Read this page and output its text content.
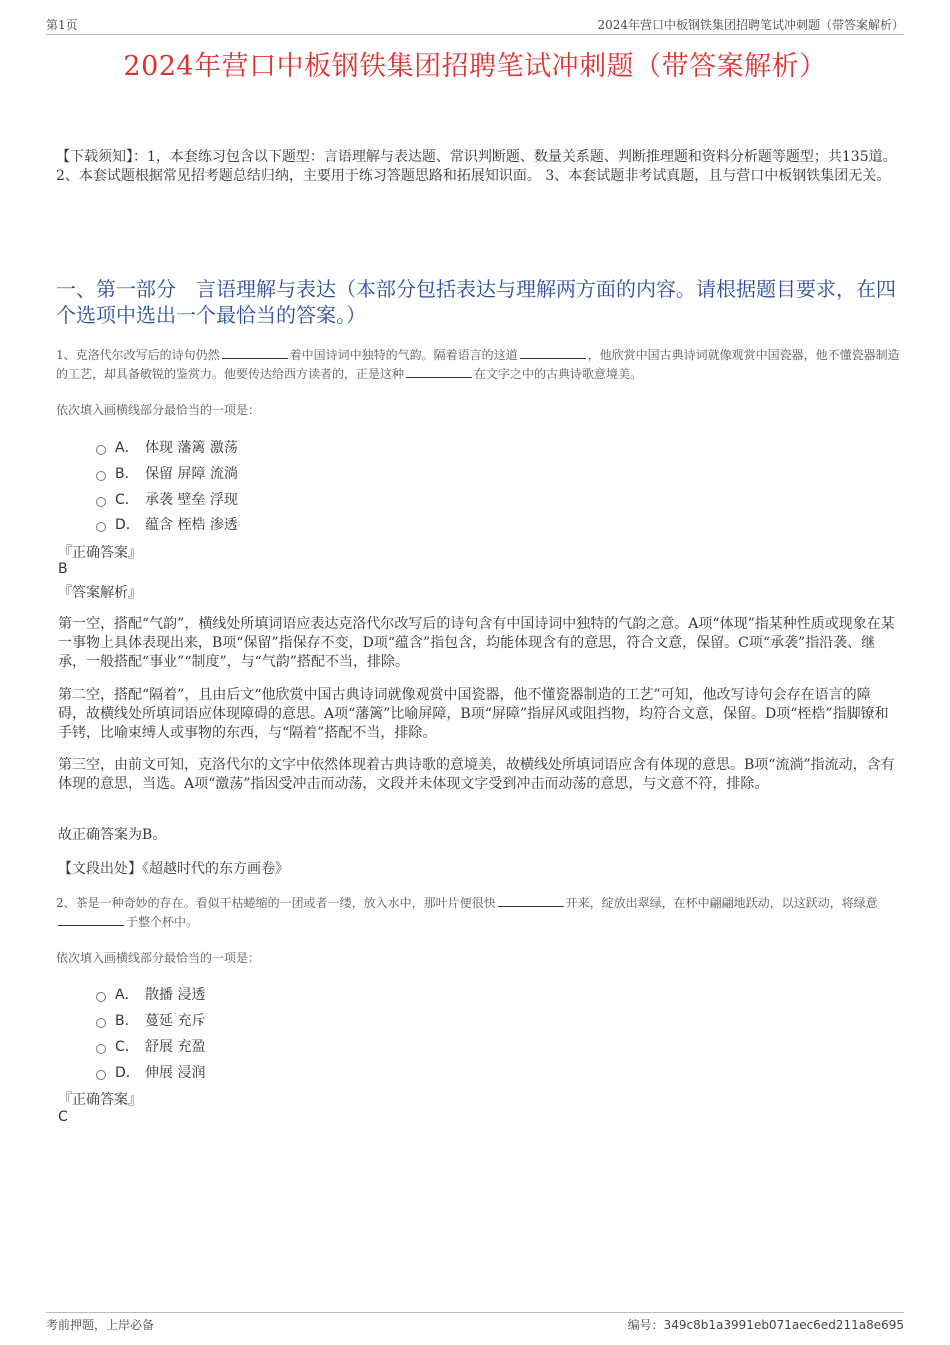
第1页	2024年营口中板钢铁集团招聘笔试冲刺题（带答案解析）
2024年营口中板钢铁集团招聘笔试冲刺题（带答案解析）
【下载须知】：1，本套练习包含以下题型：言语理解与表达题、常识判断题、数量关系题、判断推理题和资料分析题等题型；共135道。 2、本套试题根据常见招考题总结归纳，主要用于练习答题思路和拓展知识面。 3、本套试题非考试真题，且与营口中板钢铁集团无关。
一、第一部分　言语理解与表达（本部分包括表达与理解两方面的内容。请根据题目要求，在四个选项中选出一个最恰当的答案。）
1、克洛代尔改写后的诗句仍然	着中国诗词中独特的气韵。隔着语言的这道	，他欣赏中国古典诗词就像观赏中国瓷器，他不懂瓷器制造的工艺，却具备敏锐的鉴赏力。他要传达给西方读者的，正是这种	在文字之中的古典诗歌意境美。
依次填入画横线部分最恰当的一项是：
A． 体现 藩篱 激荡
B． 保留 屏障 流淌
C． 承袭 壁垒 浮现
D． 蕴含 桎梏 渗透
『正确答案』
B
『答案解析』
第一空，搭配“气韵”，横线处所填词语应表达克洛代尔改写后的诗句含有中国诗词中独特的气韵之意。A项“体现”指某种性质或现象在某一事物上具体表现出来，B项“保留”指保存不变，D项“蕴含”指包含，均能体现含有的意思，符合文意，保留。C项“承袭”指沿袭、继承，一般搭配“事业”“制度”，与“气韵”搭配不当，排除。
第二空，搭配“隔着”，且由后文“他欣赏中国古典诗词就像观赏中国瓷器，他不懂瓷器制造的工艺”可知，他改写诗句会存在语言的障碍，故横线处所填词语应体现障碍的意思。A项“藩篱”比喻屏障，B项“屏障”指屏风或阻挡物，均符合文意，保留。D项“桎梏”指脚镣和手铐，比喻束缚人或事物的东西，与“隔着”搭配不当，排除。
第三空，由前文可知，克洛代尔的文字中依然体现着古典诗歌的意境美，故横线处所填词语应含有体现的意思。B项“流淌”指流动，含有体现的意思，当选。A项“激荡”指因受冲击而动荡，文段并未体现文字受到冲击而动荡的意思，与文意不符，排除。
故正确答案为B。
【文段出处】《超越时代的东方画卷》
2、茶是一种奇妙的存在。看似干枯蜷缩的一团或者一缕，放入水中，那叶片便很快	开来，绽放出翠绿，在杯中翩翩地跃动，以这跃动，将绿意于整个杯中。
依次填入画横线部分最恰当的一项是：
A． 散播 浸透
B． 蔓延 充斥
C． 舒展 充盈
D． 伸展 浸润
『正确答案』
C
考前押题，上岸必备	编号：349c8b1a3991eb071aec6ed211a8e695
